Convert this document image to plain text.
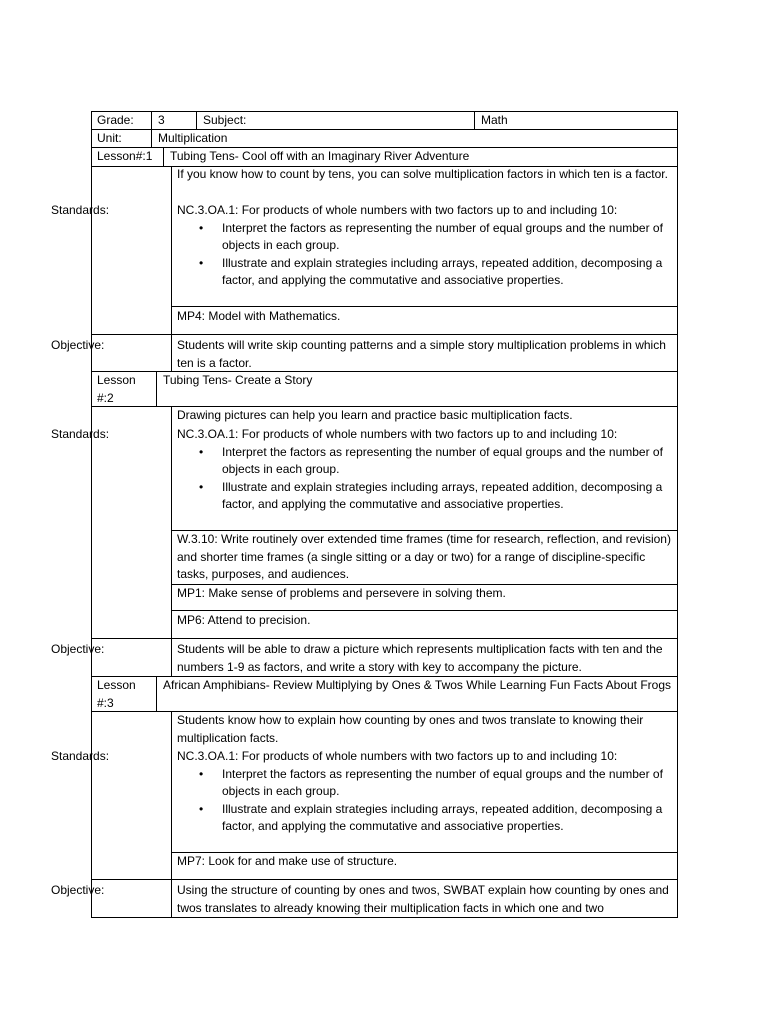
Grade: 3	Subject:	Math
Unit:	Multiplication
Lesson#:1 Tubing Tens- Cool off with an Imaginary River Adventure
If you know how to count by tens, you can solve multiplication factors in which ten is a factor.
Standards:	NC.3.OA.1: For products of whole numbers with two factors up to and including 10:
• Interpret the factors as representing the number of equal groups and the number of objects in each group.
• Illustrate and explain strategies including arrays, repeated addition, decomposing a factor, and applying the commutative and associative properties.
MP4: Model with Mathematics.
Objective:	Students will write skip counting patterns and a simple story multiplication problems in which ten is a factor.
Lesson #:2
Tubing Tens- Create a Story
Drawing pictures can help you learn and practice basic multiplication facts.
Standards:	NC.3.OA.1: For products of whole numbers with two factors up to and including 10:
• Interpret the factors as representing the number of equal groups and the number of objects in each group.
• Illustrate and explain strategies including arrays, repeated addition, decomposing a factor, and applying the commutative and associative properties.
W.3.10: Write routinely over extended time frames (time for research, reflection, and revision) and shorter time frames (a single sitting or a day or two) for a range of discipline-specific tasks, purposes, and audiences.
MP1: Make sense of problems and persevere in solving them.
MP6: Attend to precision.
Objective:	Students will be able to draw a picture which represents multiplication facts with ten and the numbers 1-9 as factors, and write a story with key to accompany the picture.
Lesson #:3
African Amphibians- Review Multiplying by Ones & Twos While Learning Fun Facts About Frogs
Students know how to explain how counting by ones and twos translate to knowing their multiplication facts.
Standards:	NC.3.OA.1: For products of whole numbers with two factors up to and including 10:
• Interpret the factors as representing the number of equal groups and the number of objects in each group.
• Illustrate and explain strategies including arrays, repeated addition, decomposing a factor, and applying the commutative and associative properties.
MP7: Look for and make use of structure.
Objective:	Using the structure of counting by ones and twos, SWBAT explain how counting by ones and twos translates to already knowing their multiplication facts in which one and two
